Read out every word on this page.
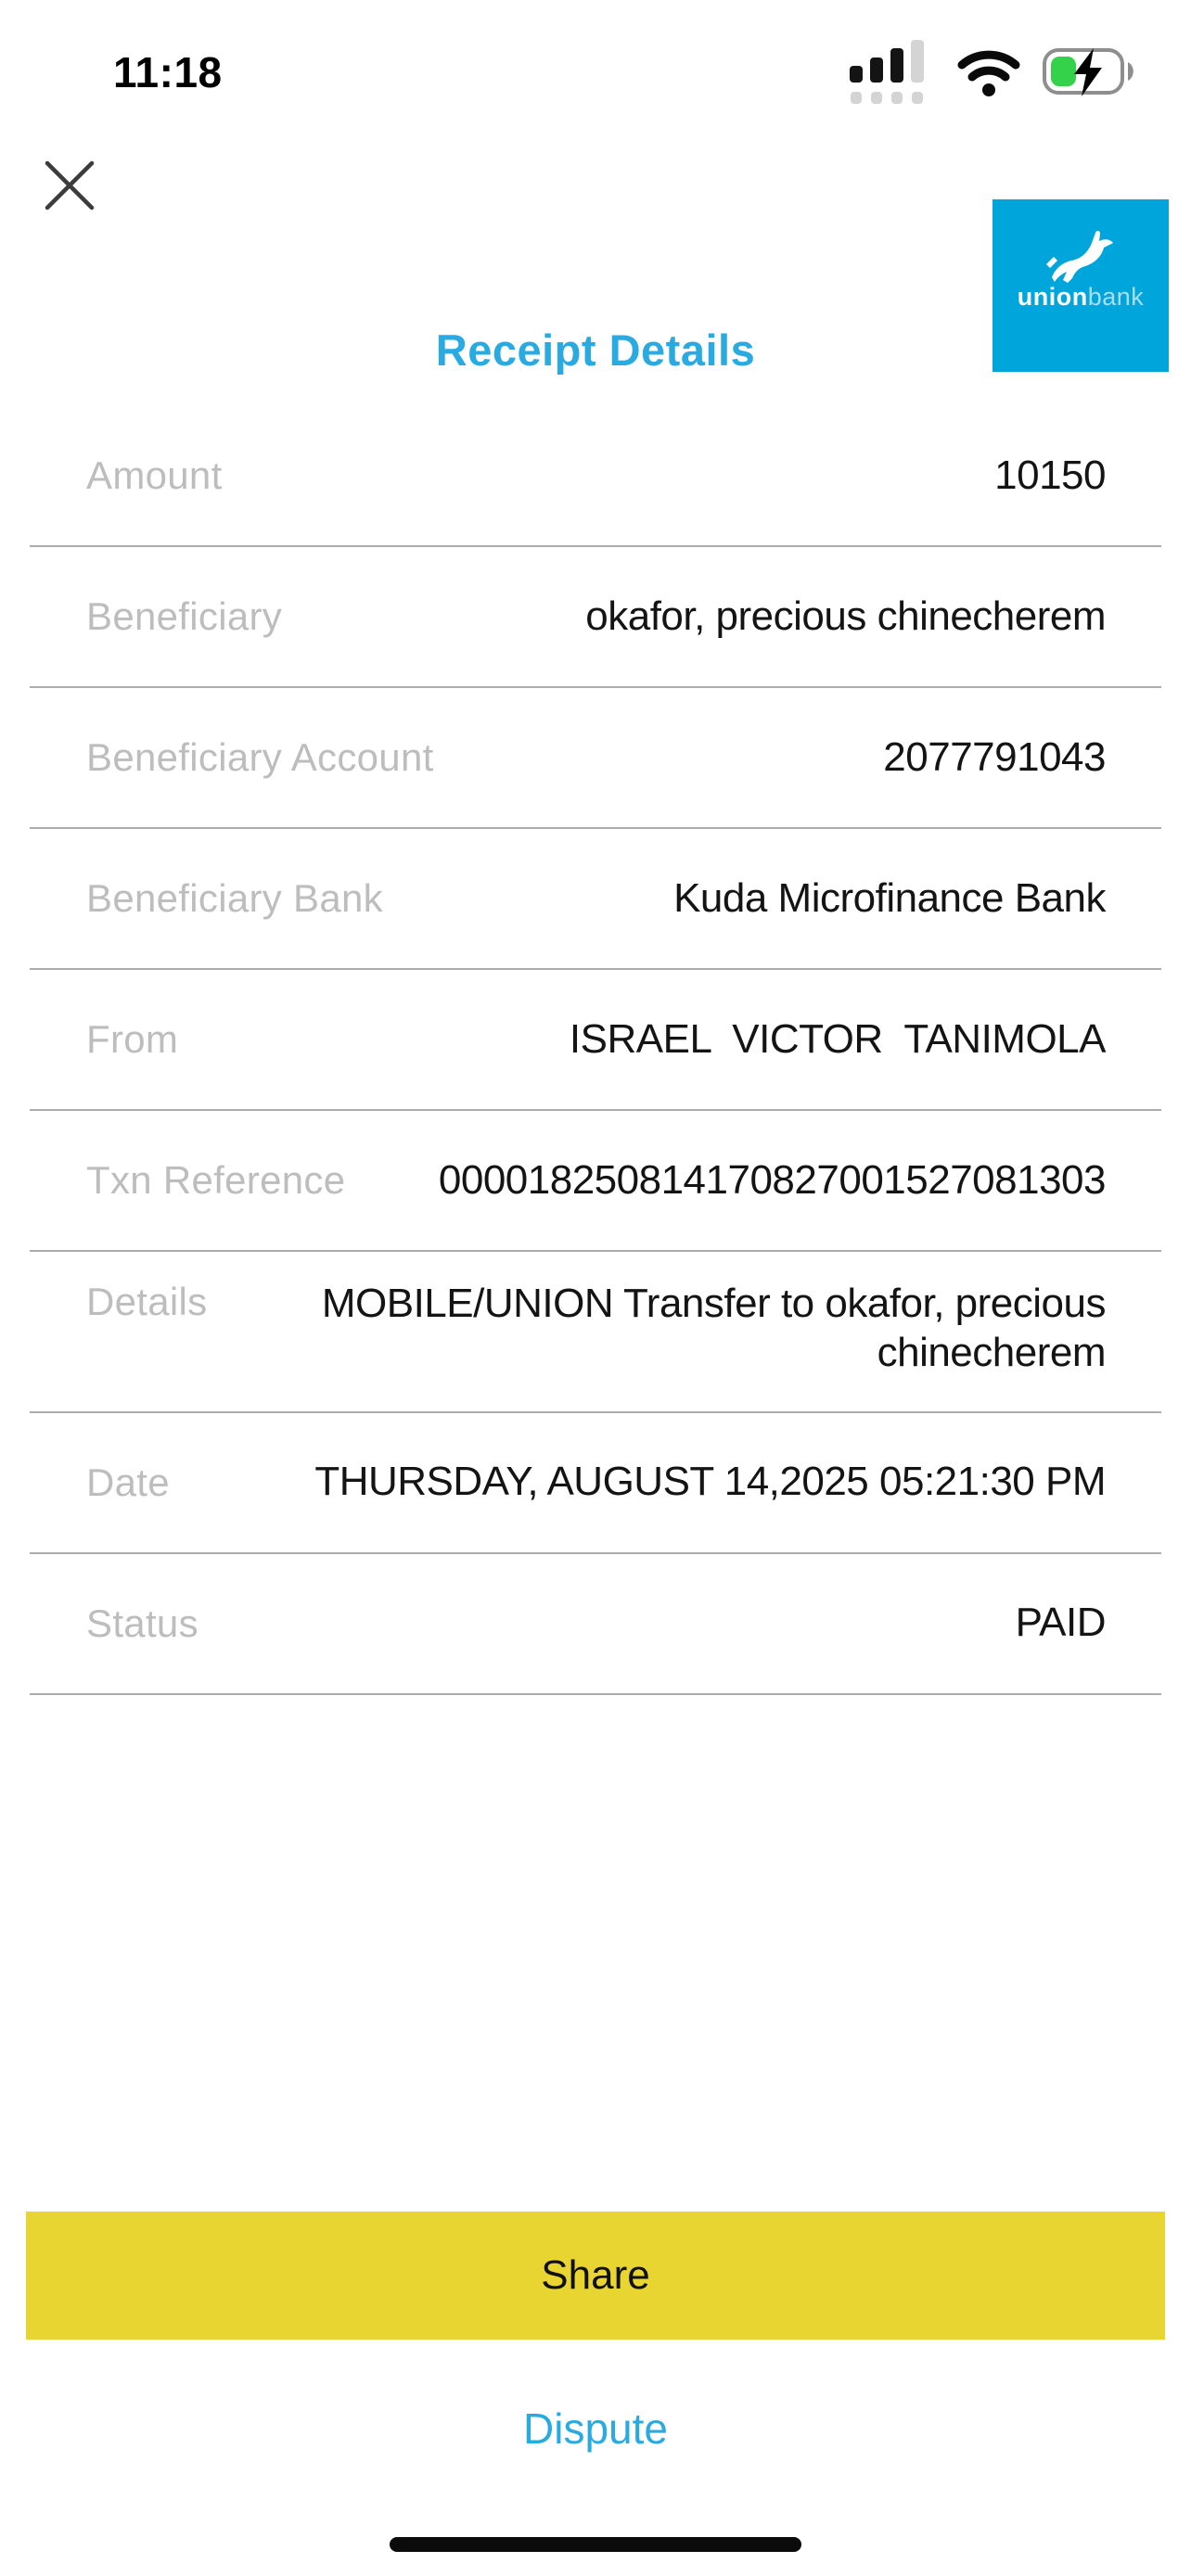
11:18
unionbank
Receipt Details
Amount	10150
Beneficiary	okafor, precious chinecherem
Beneficiary Account	2077791043
Beneficiary Bank	Kuda Microfinance Bank
From	ISRAEL  VICTOR  TANIMOLA
Txn Reference	000018250814170827001527081303
Details	MOBILE/UNION Transfer to okafor, precious chinecherem
Date	THURSDAY, AUGUST 14,2025 05:21:30 PM
Status	PAID
Share
Dispute
